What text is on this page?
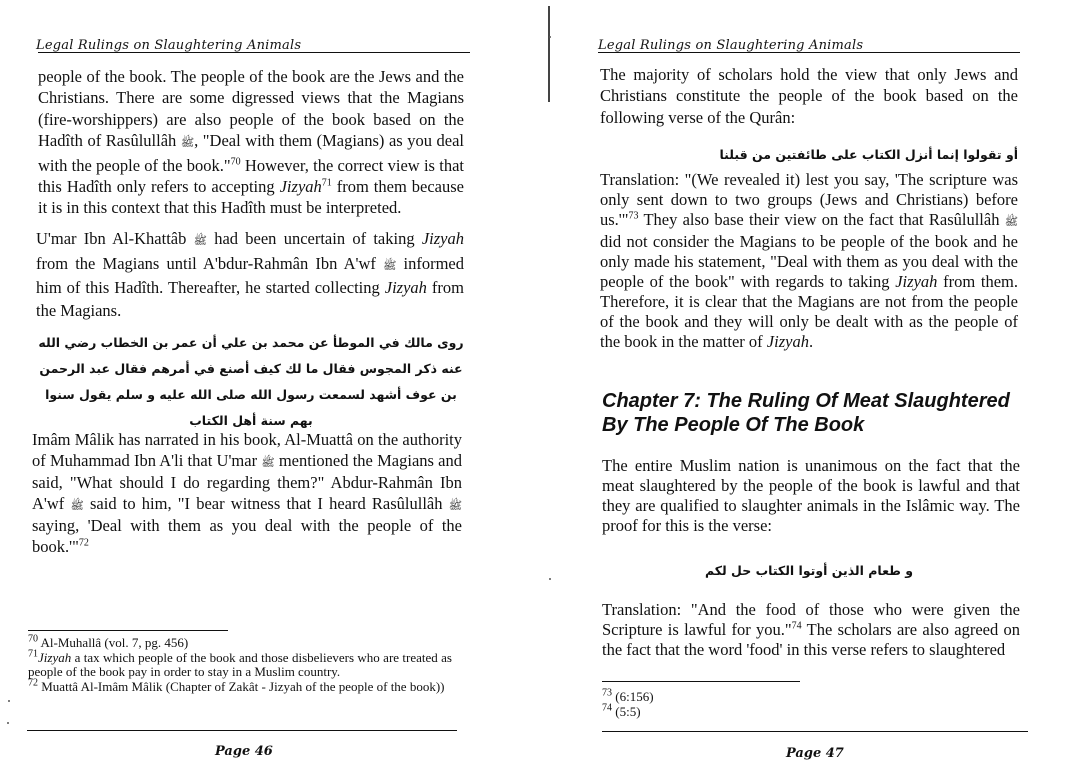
Legal Rulings on Slaughtering Animals
people of the book. The people of the book are the Jews and the Christians. There are some digressed views that the Magians (fire-worshippers) are also people of the book based on the Hadîth of Rasûlullâh ﷺ, "Deal with them (Magians) as you deal with the people of the book."$^{70}$ However, the correct view is that this Hadîth only refers to accepting Jizyah$^{71}$ from them because it is in this context that this Hadîth must be interpreted.
U'mar Ibn Al-Khattâb ﷺ had been uncertain of taking Jizyah from the Magians until A'bdur-Rahmân Ibn A'wf ﷺ informed him of this Hadîth. Thereafter, he started collecting Jizyah from the Magians.
روى مالك في الموطأ عن محمد بن علي أن عمر بن الخطاب رضي الله عنه ذكر المجوس فقال ما لك كيف أصنع في أمرهم فقال عبد الرحمن بن عوف أشهد لسمعت رسول الله صلى الله عليه و سلم يقول سنوا بهم سنة أهل الكتاب
Imâm Mâlik has narrated in his book, Al-Muattâ on the authority of Muhammad Ibn A'li that U'mar ﷺ mentioned the Magians and said, "What should I do regarding them?" Abdur-Rahmân Ibn A'wf ﷺ said to him, "I bear witness that I heard Rasûlullâh ﷺ saying, 'Deal with them as you deal with the people of the book.'"$^{72}$
$^{70}$ Al-Muhallâ (vol. 7, pg. 456)
$^{71}$Jizyah a tax which people of the book and those disbelievers who are treated as people of the book pay in order to stay in a Muslim country.
$^{72}$ Muattâ Al-Imâm Mâlik (Chapter of Zakât - Jizyah of the people of the book))
Page 46
Legal Rulings on Slaughtering Animals
The majority of scholars hold the view that only Jews and Christians constitute the people of the book based on the following verse of the Qurân:
أو تقولوا إنما أنزل الكتاب على طائفتين من قبلنا
Translation: "(We revealed it) lest you say, 'The scripture was only sent down to two groups (Jews and Christians) before us.'"$^{73}$ They also base their view on the fact that Rasûlullâh ﷺ did not consider the Magians to be people of the book and he only made his statement, "Deal with them as you deal with the people of the book" with regards to taking Jizyah from them. Therefore, it is clear that the Magians are not from the people of the book and they will only be dealt with as the people of the book in the matter of Jizyah.
Chapter 7: The Ruling Of Meat Slaughtered By The People Of The Book
The entire Muslim nation is unanimous on the fact that the meat slaughtered by the people of the book is lawful and that they are qualified to slaughter animals in the Islâmic way. The proof for this is the verse:
و طعام الذين أوتوا الكتاب حل لكم
Translation: "And the food of those who were given the Scripture is lawful for you."$^{74}$ The scholars are also agreed on the fact that the word 'food' in this verse refers to slaughtered
$^{73}$ (6:156)
$^{74}$ (5:5)
Page 47
